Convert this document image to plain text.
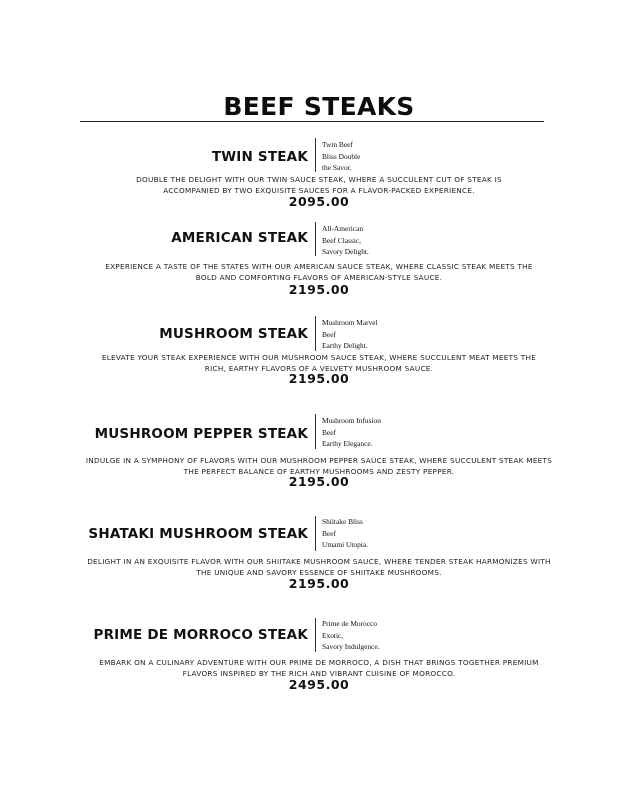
BEEF STEAKS
TWIN STEAK
Twin Beef
Bliss Double
the Savor.
DOUBLE THE DELIGHT WITH OUR TWIN SAUCE STEAK, WHERE A SUCCULENT CUT OF STEAK IS
ACCOMPANIED BY TWO EXQUISITE SAUCES FOR A FLAVOR-PACKED EXPERIENCE.
2095.00
AMERICAN STEAK
All-American
Beef Classic,
Savory Delight.
EXPERIENCE A TASTE OF THE STATES WITH OUR AMERICAN SAUCE STEAK, WHERE CLASSIC STEAK MEETS THE
BOLD AND COMFORTING FLAVORS OF AMERICAN-STYLE SAUCE.
2195.00
MUSHROOM STEAK
Mushroom Marvel
Beef
Earthy Delight.
ELEVATE YOUR STEAK EXPERIENCE WITH OUR MUSHROOM SAUCE STEAK, WHERE SUCCULENT MEAT MEETS THE
RICH, EARTHY FLAVORS OF A VELVETY MUSHROOM SAUCE.
2195.00
MUSHROOM PEPPER STEAK
Mushroom Infusion
Beef
Earthy Elegance.
INDULGE IN A SYMPHONY OF FLAVORS WITH OUR MUSHROOM PEPPER SAUCE STEAK, WHERE SUCCULENT STEAK MEETS
THE PERFECT BALANCE OF EARTHY MUSHROOMS AND ZESTY PEPPER.
2195.00
SHATAKI MUSHROOM STEAK
Shiitake Bliss
Beef
Umami Utopia.
DELIGHT IN AN EXQUISITE FLAVOR WITH OUR SHIITAKE MUSHROOM SAUCE, WHERE TENDER STEAK HARMONIZES WITH
THE UNIQUE AND SAVORY ESSENCE OF SHIITAKE MUSHROOMS.
2195.00
PRIME DE MORROCO STEAK
Prime de Morocco
Exotic,
Savory Indulgence.
EMBARK ON A CULINARY ADVENTURE WITH OUR PRIME DE MORROCO, A DISH THAT BRINGS TOGETHER PREMIUM
FLAVORS INSPIRED BY THE RICH AND VIBRANT CUISINE OF MOROCCO.
2495.00
